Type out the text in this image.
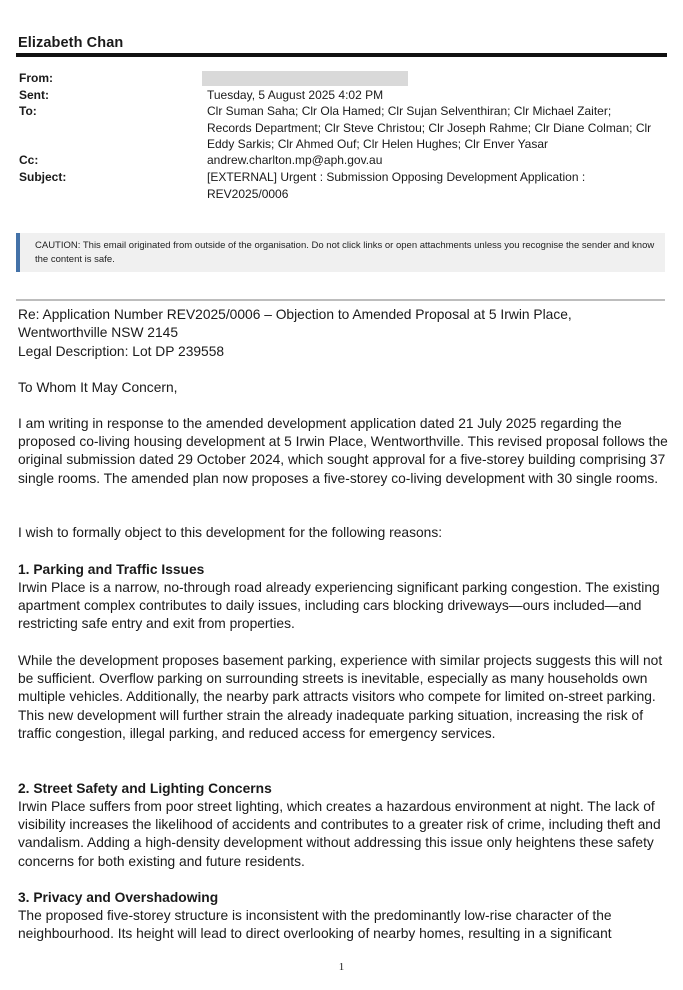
Elizabeth Chan
From:
Sent:	Tuesday, 5 August 2025 4:02 PM
To:	Clr Suman Saha; Clr Ola Hamed; Clr Sujan Selventhiran; Clr Michael Zaiter; Records Department; Clr Steve Christou; Clr Joseph Rahme; Clr Diane Colman; Clr Eddy Sarkis; Clr Ahmed Ouf; Clr Helen Hughes; Clr Enver Yasar
Cc:	andrew.charlton.mp@aph.gov.au
Subject:	[EXTERNAL] Urgent : Submission Opposing Development Application : REV2025/0006
CAUTION: This email originated from outside of the organisation. Do not click links or open attachments unless you recognise the sender and know the content is safe.
Re: Application Number REV2025/0006 – Objection to Amended Proposal at 5 Irwin Place, Wentworthville NSW 2145
Legal Description: Lot DP 239558
To Whom It May Concern,
I am writing in response to the amended development application dated 21 July 2025 regarding the proposed co-living housing development at 5 Irwin Place, Wentworthville. This revised proposal follows the original submission dated 29 October 2024, which sought approval for a five-storey building comprising 37 single rooms. The amended plan now proposes a five-storey co-living development with 30 single rooms.
I wish to formally object to this development for the following reasons:
1. Parking and Traffic Issues
Irwin Place is a narrow, no-through road already experiencing significant parking congestion. The existing apartment complex contributes to daily issues, including cars blocking driveways—ours included—and restricting safe entry and exit from properties.
While the development proposes basement parking, experience with similar projects suggests this will not be sufficient. Overflow parking on surrounding streets is inevitable, especially as many households own multiple vehicles. Additionally, the nearby park attracts visitors who compete for limited on-street parking. This new development will further strain the already inadequate parking situation, increasing the risk of traffic congestion, illegal parking, and reduced access for emergency services.
2. Street Safety and Lighting Concerns
Irwin Place suffers from poor street lighting, which creates a hazardous environment at night. The lack of visibility increases the likelihood of accidents and contributes to a greater risk of crime, including theft and vandalism. Adding a high-density development without addressing this issue only heightens these safety concerns for both existing and future residents.
3. Privacy and Overshadowing
The proposed five-storey structure is inconsistent with the predominantly low-rise character of the neighbourhood. Its height will lead to direct overlooking of nearby homes, resulting in a significant
1
